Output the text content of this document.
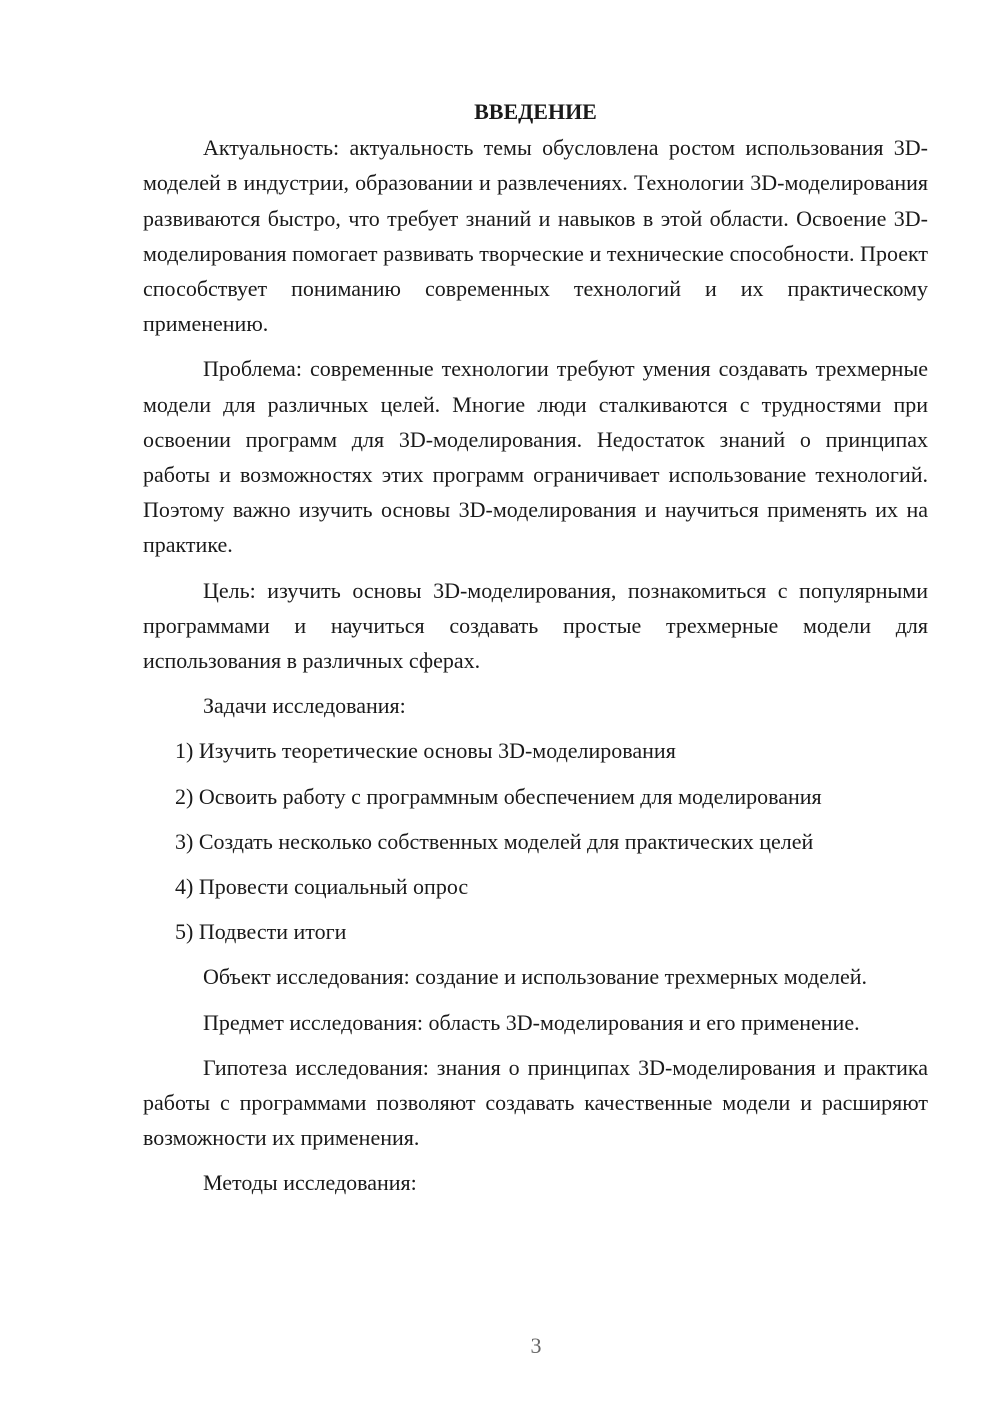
ВВЕДЕНИЕ

Актуальность: актуальность темы обусловлена ростом использования 3D-моделей в индустрии, образовании и развлечениях. Технологии 3D-моделирования развиваются быстро, что требует знаний и навыков в этой области. Освоение 3D-моделирования помогает развивать творческие и технические способности. Проект способствует пониманию современных технологий и их практическому применению.

Проблема: современные технологии требуют умения создавать трехмерные модели для различных целей. Многие люди сталкиваются с трудностями при освоении программ для 3D-моделирования. Недостаток знаний о принципах работы и возможностях этих программ ограничивает использование технологий. Поэтому важно изучить основы 3D-моделирования и научиться применять их на практике.

Цель: изучить основы 3D-моделирования, познакомиться с популярными программами и научиться создавать простые трехмерные модели для использования в различных сферах.

Задачи исследования:

1) Изучить теоретические основы 3D-моделирования
2) Освоить работу с программным обеспечением для моделирования
3) Создать несколько собственных моделей для практических целей
4) Провести социальный опрос
5) Подвести итоги

Объект исследования: создание и использование трехмерных моделей.

Предмет исследования: область 3D-моделирования и его применение.

Гипотеза исследования: знания о принципах 3D-моделирования и практика работы с программами позволяют создавать качественные модели и расширяют возможности их применения.

Методы исследования:

3
